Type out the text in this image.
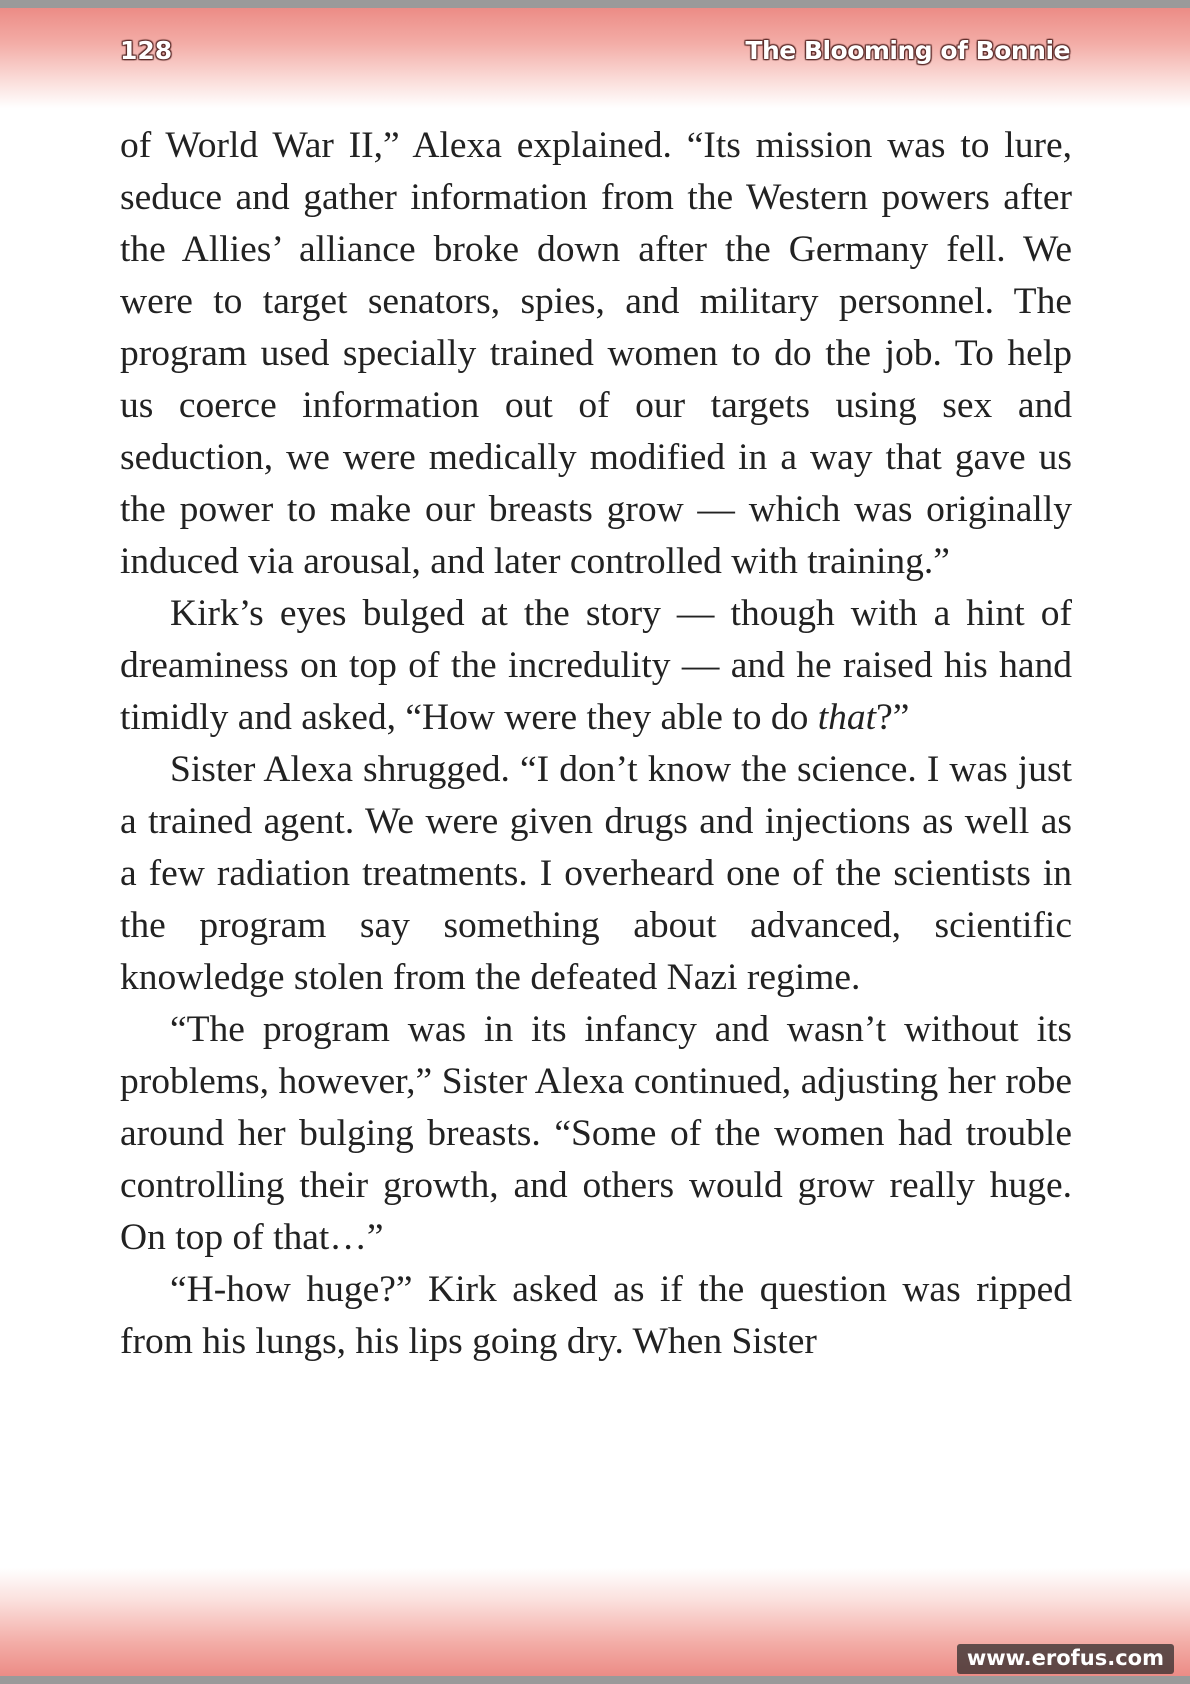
128	The Blooming of Bonnie

of World War II,” Alexa explained. “Its mission was to lure, seduce and gather information from the Western powers after the Allies’ alliance broke down after the Germany fell. We were to target senators, spies, and military personnel. The program used specially trained women to do the job. To help us coerce information out of our targets using sex and seduction, we were medically modified in a way that gave us the power to make our breasts grow — which was originally induced via arousal, and later controlled with training.”

Kirk’s eyes bulged at the story — though with a hint of dreaminess on top of the incredulity — and he raised his hand timidly and asked, “How were they able to do that?”

Sister Alexa shrugged. “I don’t know the science. I was just a trained agent. We were given drugs and injections as well as a few radiation treatments. I overheard one of the scientists in the program say something about advanced, scientific knowledge stolen from the defeated Nazi regime.

“The program was in its infancy and wasn’t without its problems, however,” Sister Alexa continued, adjusting her robe around her bulging breasts. “Some of the women had trouble controlling their growth, and others would grow really huge. On top of that…”

“H-how huge?” Kirk asked as if the question was ripped from his lungs, his lips going dry. When Sister

www.erofus.com
